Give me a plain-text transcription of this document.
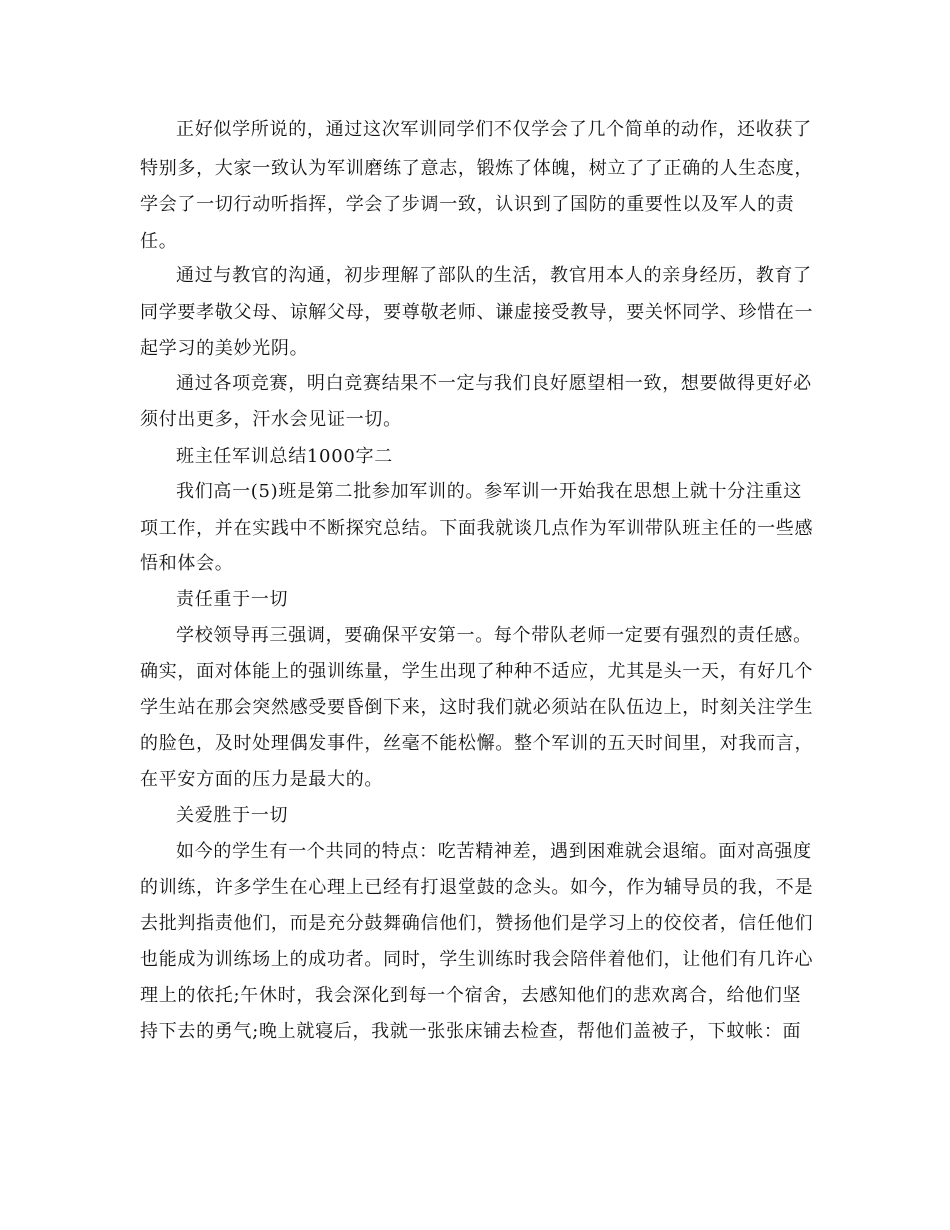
正好似学所说的，通过这次军训同学们不仅学会了几个简单的动作，还收获了
特别多，大家一致认为军训磨练了意志，锻炼了体魄，树立了了正确的人生态度，
学会了一切行动听指挥，学会了步调一致，认识到了国防的重要性以及军人的责
任。
通过与教官的沟通，初步理解了部队的生活，教官用本人的亲身经历，教育了
同学要孝敬父母、谅解父母，要尊敬老师、谦虚接受教导，要关怀同学、珍惜在一
起学习的美妙光阴。
通过各项竞赛，明白竞赛结果不一定与我们良好愿望相一致，想要做得更好必
须付出更多，汗水会见证一切。
班主任军训总结1000字二
我们高一(5)班是第二批参加军训的。参军训一开始我在思想上就十分注重这
项工作，并在实践中不断探究总结。下面我就谈几点作为军训带队班主任的一些感
悟和体会。
责任重于一切
学校领导再三强调，要确保平安第一。每个带队老师一定要有强烈的责任感。
确实，面对体能上的强训练量，学生出现了种种不适应，尤其是头一天，有好几个
学生站在那会突然感受要昏倒下来，这时我们就必须站在队伍边上，时刻关注学生
的脸色，及时处理偶发事件，丝毫不能松懈。整个军训的五天时间里，对我而言，
在平安方面的压力是最大的。
关爱胜于一切
如今的学生有一个共同的特点：吃苦精神差，遇到困难就会退缩。面对高强度
的训练，许多学生在心理上已经有打退堂鼓的念头。如今，作为辅导员的我，不是
去批判指责他们，而是充分鼓舞确信他们，赞扬他们是学习上的佼佼者，信任他们
也能成为训练场上的成功者。同时，学生训练时我会陪伴着他们，让他们有几许心
理上的依托;午休时，我会深化到每一个宿舍，去感知他们的悲欢离合，给他们坚
持下去的勇气;晚上就寝后，我就一张张床铺去检查，帮他们盖被子，下蚊帐：面
